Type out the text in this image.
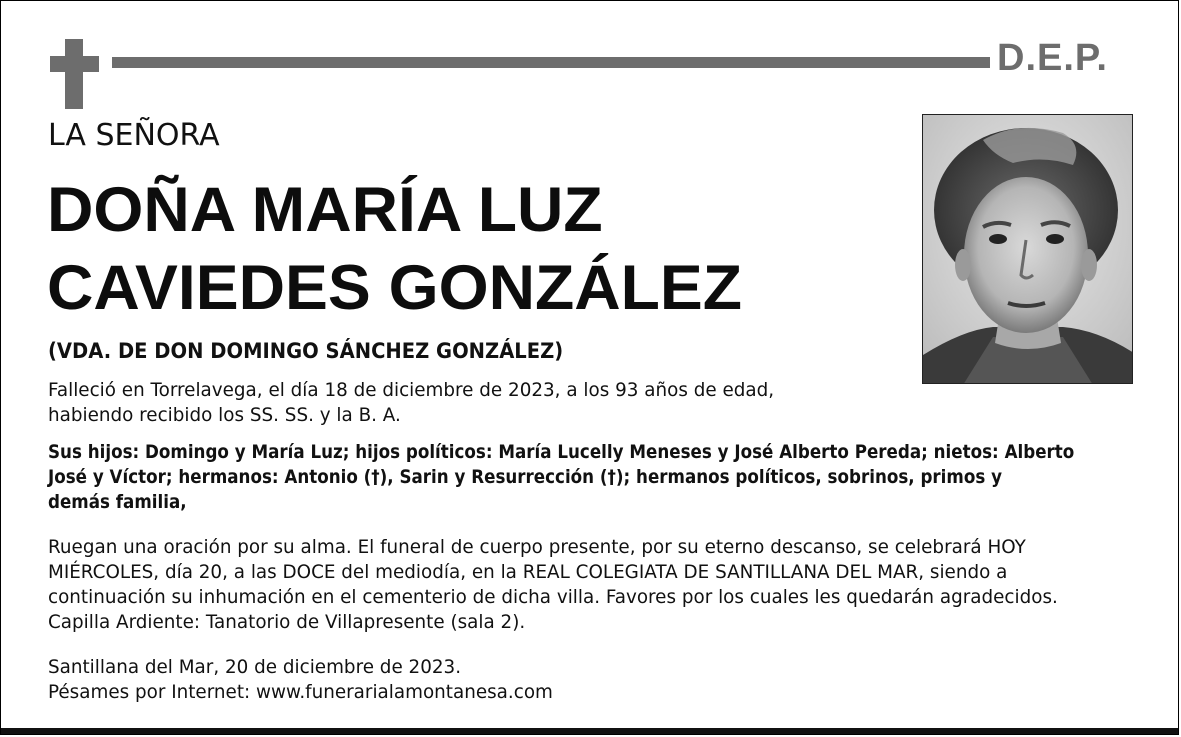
D.E.P.
LA SEÑORA
DOÑA MARÍA LUZ
CAVIEDES GONZÁLEZ
(VDA. DE DON DOMINGO SÁNCHEZ GONZÁLEZ)
Falleció en Torrelavega, el día 18 de diciembre de 2023, a los 93 años de edad,
habiendo recibido los SS. SS. y la B. A.
Sus hijos: Domingo y María Luz; hijos políticos: María Lucelly Meneses y José Alberto Pereda; nietos: Alberto
José y Víctor; hermanos: Antonio (†), Sarin y Resurrección (†); hermanos políticos, sobrinos, primos y
demás familia,
Ruegan una oración por su alma. El funeral de cuerpo presente, por su eterno descanso, se celebrará HOY
MIÉRCOLES, día 20, a las DOCE del mediodía, en la REAL COLEGIATA DE SANTILLANA DEL MAR, siendo a
continuación su inhumación en el cementerio de dicha villa. Favores por los cuales les quedarán agradecidos.
Capilla Ardiente: Tanatorio de Villapresente (sala 2).
Santillana del Mar, 20 de diciembre de 2023.
Pésames por Internet: www.funerarialamontanesa.com
